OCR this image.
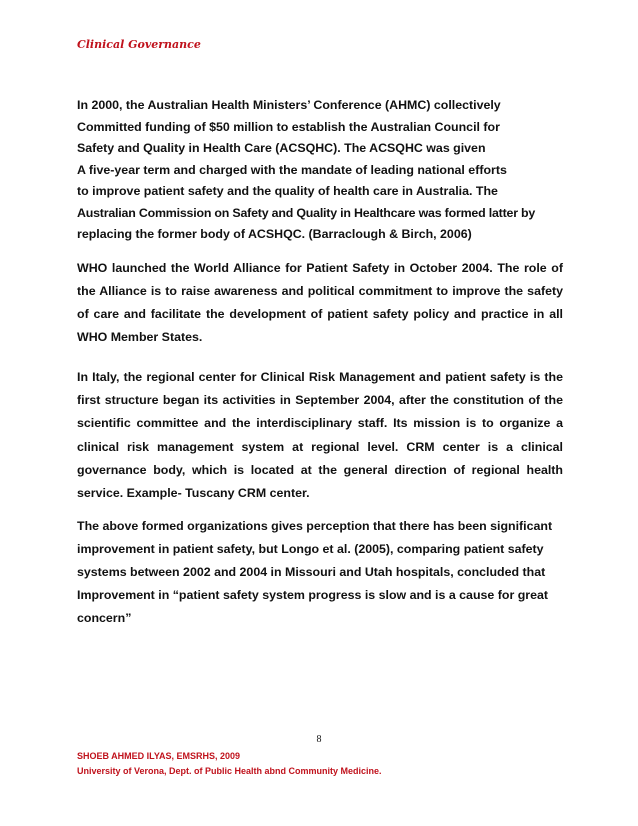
Clinical Governance
In 2000, the Australian Health Ministers’ Conference (AHMC) collectively
Committed funding of $50 million to establish the Australian Council for
Safety and Quality in Health Care (ACSQHC). The ACSQHC was given
A five-year term and charged with the mandate of leading national efforts
to improve patient safety and the quality of health care in Australia. The
Australian Commission on Safety and Quality in Healthcare was formed latter by
replacing the former body of ACSHQC. (Barraclough & Birch, 2006)
WHO launched the World Alliance for Patient Safety in October 2004. The role of the Alliance is to raise awareness and political commitment to improve the safety of care and facilitate the development of patient safety policy and practice in all WHO Member States.
In Italy, the regional center for Clinical Risk Management and patient safety is the first structure began its activities in September 2004, after the constitution of the scientific committee and the interdisciplinary staff. Its mission is to organize a clinical risk management system at regional level. CRM center is a clinical governance body, which is located at the general direction of regional health service. Example- Tuscany CRM center.
The above formed organizations gives perception that there has been significant
improvement in patient safety, but Longo et al. (2005), comparing patient safety
systems between 2002 and 2004 in Missouri and Utah hospitals, concluded that
Improvement in “patient safety system progress is slow and is a cause for great
concern”
8
SHOEB AHMED ILYAS, EMSRHS, 2009
University of Verona, Dept. of Public Health abnd Community Medicine.
